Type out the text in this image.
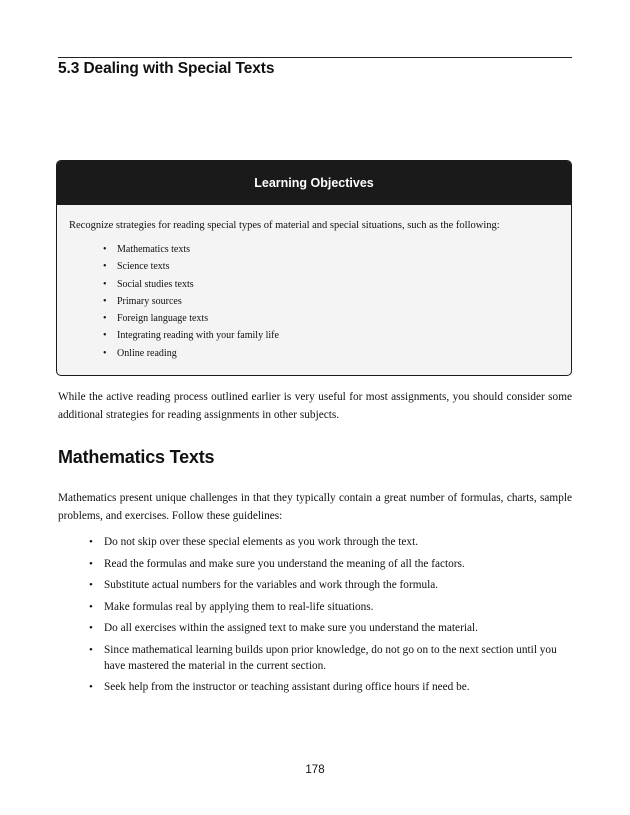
5.3 Dealing with Special Texts
Learning Objectives

Recognize strategies for reading special types of material and special situations, such as the following:

• Mathematics texts
• Science texts
• Social studies texts
• Primary sources
• Foreign language texts
• Integrating reading with your family life
• Online reading

While the active reading process outlined earlier is very useful for most assignments, you should consider some additional strategies for reading assignments in other subjects.

Mathematics Texts

Mathematics present unique challenges in that they typically contain a great number of formulas, charts, sample problems, and exercises. Follow these guidelines:

• Do not skip over these special elements as you work through the text.
• Read the formulas and make sure you understand the meaning of all the factors.
• Substitute actual numbers for the variables and work through the formula.
• Make formulas real by applying them to real-life situations.
• Do all exercises within the assigned text to make sure you understand the material.
• Since mathematical learning builds upon prior knowledge, do not go on to the next section until you have mastered the material in the current section.
• Seek help from the instructor or teaching assistant during office hours if need be.
178
